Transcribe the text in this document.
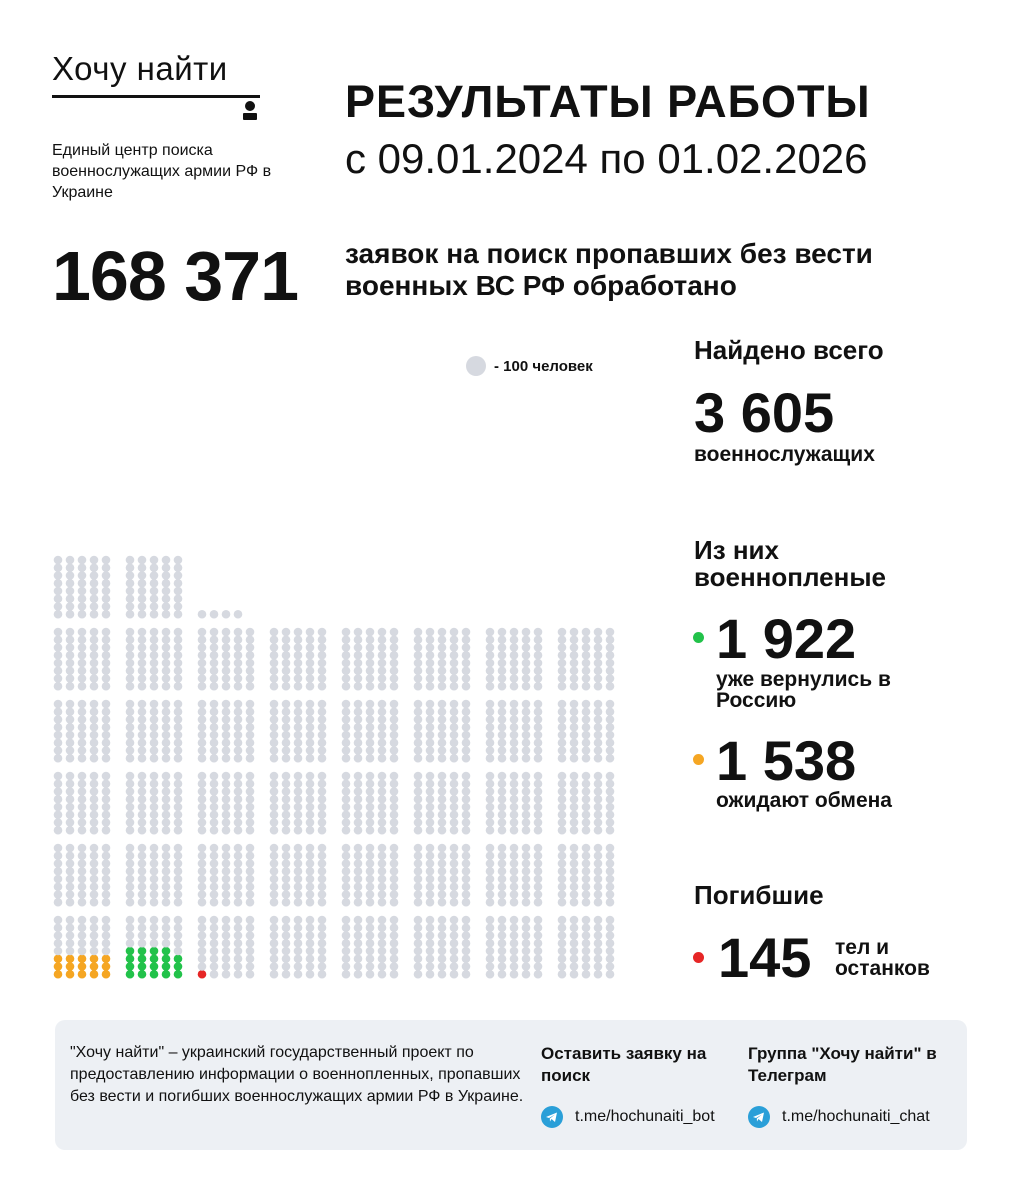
Хочу найти
Единый центр поиска военнослужащих армии РФ в Украине
РЕЗУЛЬТАТЫ РАБОТЫ
с 09.01.2024 по 01.02.2026
168 371 заявок на поиск пропавших без вести военных ВС РФ обработано
- 100 человек
Найдено всего
3 605
военнослужащих
Из них военнопленые
1 922
уже вернулись в Россию
1 538
ожидают обмена
Погибшие
145 тел и останков
"Хочу найти" – украинский государственный проект по предоставлению информации о военнопленных, пропавших без вести и погибших военнослужащих армии РФ в Украине.
Оставить заявку на поиск
t.me/hochunaiti_bot
Группа "Хочу найти" в Телеграм
t.me/hochunaiti_chat
